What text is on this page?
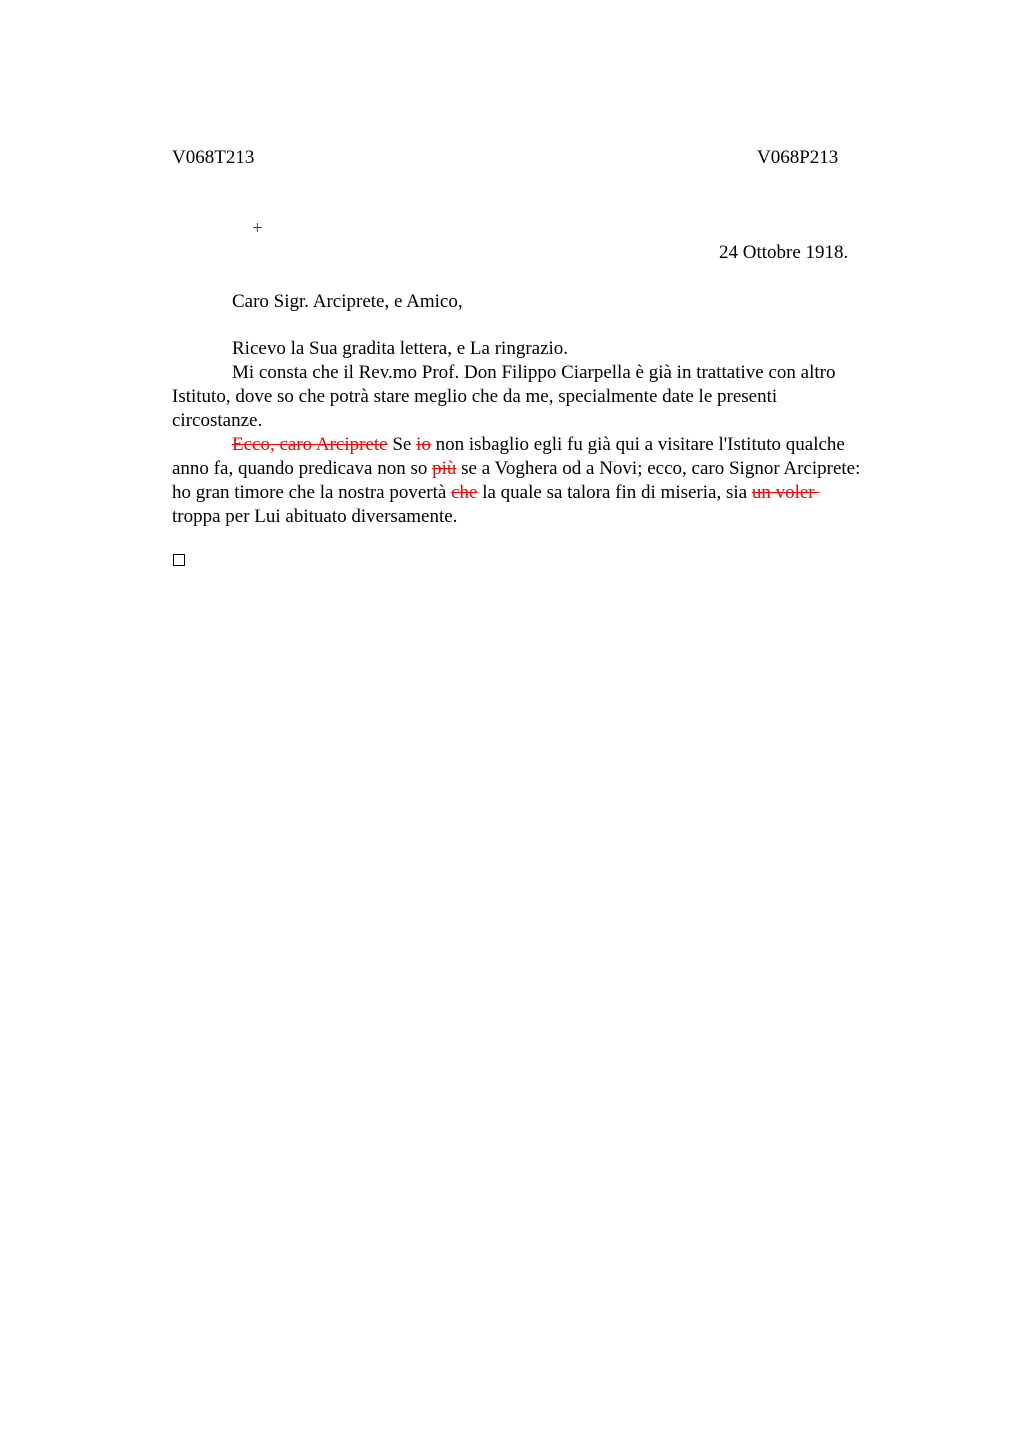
V068T213	V068P213
+
24 Ottobre 1918.
Caro Sigr. Arciprete, e Amico,
Ricevo la Sua gradita lettera, e La ringrazio.
Mi consta che il Rev.mo Prof. Don Filippo Ciarpella è già in trattative con altro
Istituto, dove so che potrà stare meglio che da me, specialmente date le presenti
circostanze.
Ecco, caro Arciprete Se io non isbaglio egli fu già qui a visitare l'Istituto qualche
anno fa, quando predicava non so più se a Voghera od a Novi; ecco, caro Signor Arciprete:
ho gran timore che la nostra povertà che la quale sa talora fin di miseria, sia un voler
troppa per Lui abituato diversamente.
